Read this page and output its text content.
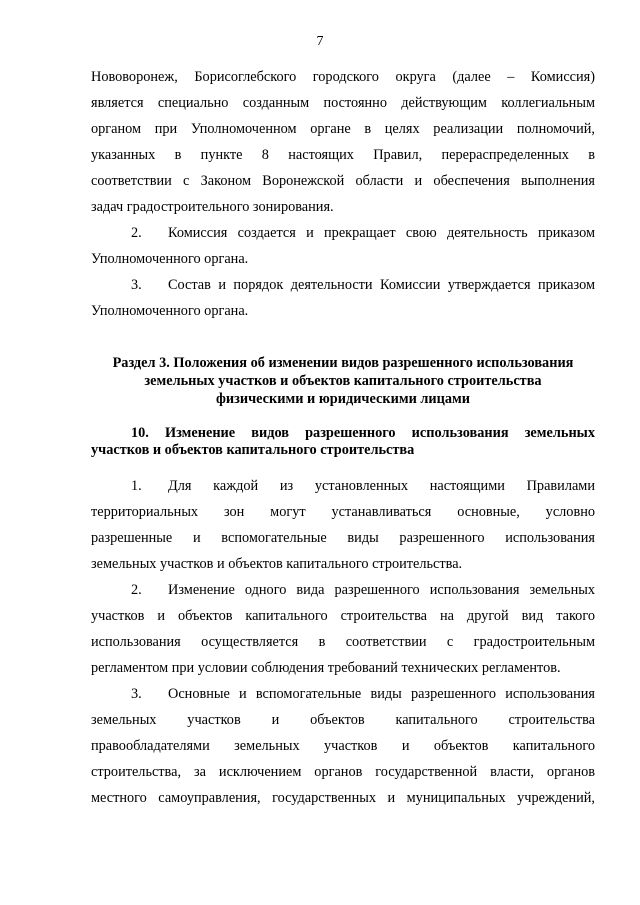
7
Нововоронеж, Борисоглебского городского округа (далее – Комиссия)
является специально созданным постоянно действующим коллегиальным
органом при Уполномоченном органе в целях реализации полномочий,
указанных в пункте 8 настоящих Правил, перераспределенных в
соответствии с Законом Воронежской области и обеспечения выполнения
задач градостроительного зонирования.
2. Комиссия создается и прекращает свою деятельность приказом
Уполномоченного органа.
3. Состав и порядок деятельности Комиссии утверждается приказом
Уполномоченного органа.
Раздел 3. Положения об изменении видов разрешенного использования
земельных участков и объектов капитального строительства
физическими и юридическими лицами
10. Изменение видов разрешенного использования земельных
участков и объектов капитального строительства
1. Для каждой из установленных настоящими Правилами
территориальных зон могут устанавливаться основные, условно
разрешенные и вспомогательные виды разрешенного использования
земельных участков и объектов капитального строительства.
2. Изменение одного вида разрешенного использования земельных
участков и объектов капитального строительства на другой вид такого
использования осуществляется в соответствии с градостроительным
регламентом при условии соблюдения требований технических регламентов.
3. Основные и вспомогательные виды разрешенного использования
земельных участков и объектов капитального строительства
правообладателями земельных участков и объектов капитального
строительства, за исключением органов государственной власти, органов
местного самоуправления, государственных и муниципальных учреждений,
